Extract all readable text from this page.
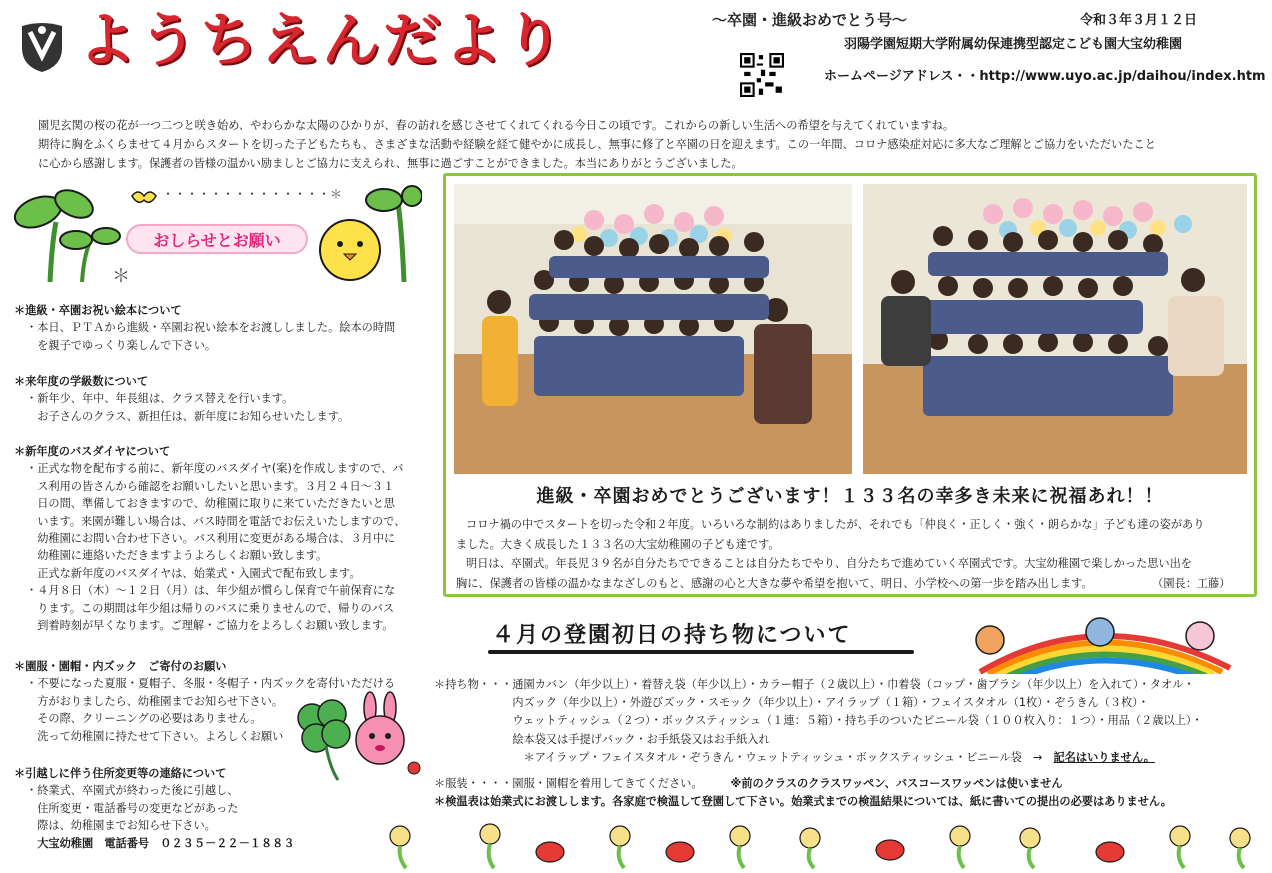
ようちえんだより	～卒園・進級おめでとう号～	令和３年３月１２日
羽陽学園短期大学附属幼保連携型認定こども園大宝幼稚園
ホームページアドレス・・http://www.uyo.ac.jp/daihou/index.htm

園児玄関の桜の花が一つ二つと咲き始め、やわらかな太陽のひかりが、春の訪れを感じさせてくれてくれる今日この頃です。これからの新しい生活への希望を与えてくれていますね。

期待に胸をふくらませて４月からスタートを切った子どもたちも、さまざまな活動や経験を経て健やかに成長し、無事に修了と卒園の日を迎えます。この一年間、コロナ感染症対応に多大なご理解とご協力をいただいたこと

に心から感謝します。保護者の皆様の温かい励ましとご協力に支えられ、無事に過ごすことができました。本当にありがとうございました。

・・・・・・・・・・・・・・＊
＊
おしらせとお願い
＊進級・卒園お祝い絵本について

・本日、ＰＴＡから進級・卒園お祝い絵本をお渡ししました。絵本の時間

　を親子でゆっくり楽しんで下さい。

＊来年度の学級数について

・新年少、年中、年長組は、クラス替えを行います。

　お子さんのクラス、新担任は、新年度にお知らせいたします。

＊新年度のバスダイヤについて

・正式な物を配布する前に、新年度のバスダイヤ(案)を作成しますので、バ

　ス利用の皆さんから確認をお願いしたいと思います。３月２４日～３１

　日の間、準備しておきますので、幼稚園に取りに来ていただきたいと思

　います。来園が難しい場合は、バス時間を電話でお伝えいたしますので、

　幼稚園にお問い合わせ下さい。バス利用に変更がある場合は、３月中に

　幼稚園に連絡いただきますようよろしくお願い致します。

　正式な新年度のバスダイヤは、始業式・入園式で配布致します。

・４月８日（木）～１２日（月）は、年少組が慣らし保育で午前保育にな

　ります。この期間は年少組は帰りのバスに乗りませんので、帰りのバス

　到着時刻が早くなります。ご理解・ご協力をよろしくお願い致します。

＊園服・園帽・内ズック　ご寄付のお願い

・不要になった夏服・夏帽子、冬服・冬帽子・内ズックを寄付いただける

　方がおりましたら、幼稚園までお知らせ下さい。

　その際、クリーニングの必要はありません。

　洗って幼稚園に持たせて下さい。よろしくお願い

＊引越しに伴う住所変更等の連絡について

・終業式、卒園式が終わった後に引越し、

　住所変更・電話番号の変更などがあった

　際は、幼稚園までお知らせ下さい。

　大宝幼稚園　電話番号　０２３５－２２－１８８３

進級・卒園おめでとうございます！１３３名の幸多き未来に祝福あれ！！

コロナ禍の中でスタートを切った令和２年度。いろいろな制約はありましたが、それでも「仲良く・正しく・強く・朗らかな」子ども達の姿があり

ました。大きく成長した１３３名の大宝幼稚園の子ども達です。

明日は、卒園式。年長児３９名が自分たちでできることは自分たちでやり、自分たちで進めていく卒園式です。大宝幼稚園で楽しかった思い出を

胸に、保護者の皆様の温かなまなざしのもと、感謝の心と大きな夢や希望を抱いて、明日、小学校への第一歩を踏み出します。	（園長：工藤）

４月の登園初日の持ち物について

＊持ち物・・・通園カバン（年少以上）・着替え袋（年少以上）・カラー帽子（２歳以上）・巾着袋（コップ・歯ブラシ（年少以上）を入れて）・タオル・

　　　　　　　内ズック（年少以上）・外遊びズック・スモック（年少以上）・アイラップ（１箱）・フェイスタオル（1枚）・ぞうきん（３枚）・

　　　　　　　ウェットティッシュ（２つ）・ボックスティッシュ（１連：５箱）・持ち手のついたビニール袋（１００枚入り：１つ）・用品（２歳以上）・

　　　　　　　絵本袋又は手提げバック・お手紙袋又はお手紙入れ

　　　　　　　　＊アイラップ・フェイスタオル・ぞうきん・ウェットティッシュ・ボックスティッシュ・ビニール袋　→　記名はいりません。

＊服装・・・・園服・園帽を着用してきてください。　　　※前のクラスのクラスワッペン、バスコースワッペンは使いません

＊検温表は始業式にお渡しします。各家庭で検温して登園して下さい。始業式までの検温結果については、紙に書いての提出の必要はありません。
